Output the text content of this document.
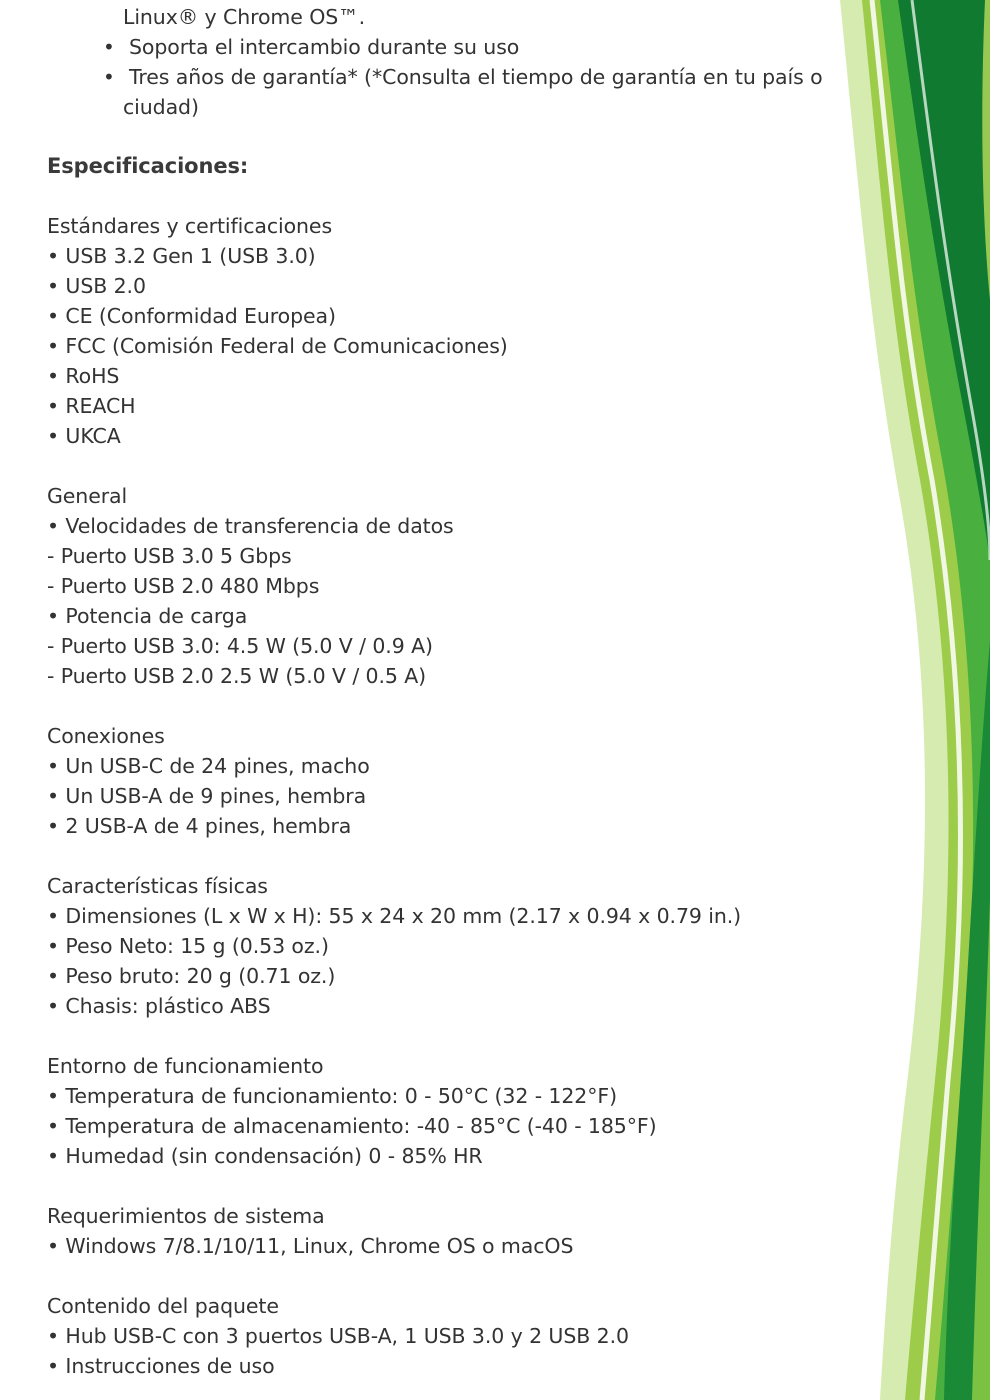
Linux® y Chrome OS™.
• Soporta el intercambio durante su uso
• Tres años de garantía* (*Consulta el tiempo de garantía en tu país o
ciudad)
Especificaciones:
Estándares y certificaciones
• USB 3.2 Gen 1 (USB 3.0)
• USB 2.0
• CE (Conformidad Europea)
• FCC (Comisión Federal de Comunicaciones)
• RoHS
• REACH
• UKCA
General
• Velocidades de transferencia de datos
- Puerto USB 3.0 5 Gbps
- Puerto USB 2.0 480 Mbps
• Potencia de carga
- Puerto USB 3.0: 4.5 W (5.0 V / 0.9 A)
- Puerto USB 2.0 2.5 W (5.0 V / 0.5 A)
Conexiones
• Un USB-C de 24 pines, macho
• Un USB-A de 9 pines, hembra
• 2 USB-A de 4 pines, hembra
Características físicas
• Dimensiones (L x W x H): 55 x 24 x 20 mm (2.17 x 0.94 x 0.79 in.)
• Peso Neto: 15 g (0.53 oz.)
• Peso bruto: 20 g (0.71 oz.)
• Chasis: plástico ABS
Entorno de funcionamiento
• Temperatura de funcionamiento: 0 - 50°C (32 - 122°F)
• Temperatura de almacenamiento: -40 - 85°C (-40 - 185°F)
• Humedad (sin condensación) 0 - 85% HR
Requerimientos de sistema
• Windows 7/8.1/10/11, Linux, Chrome OS o macOS
Contenido del paquete
• Hub USB-C con 3 puertos USB-A, 1 USB 3.0 y 2 USB 2.0
• Instrucciones de uso
